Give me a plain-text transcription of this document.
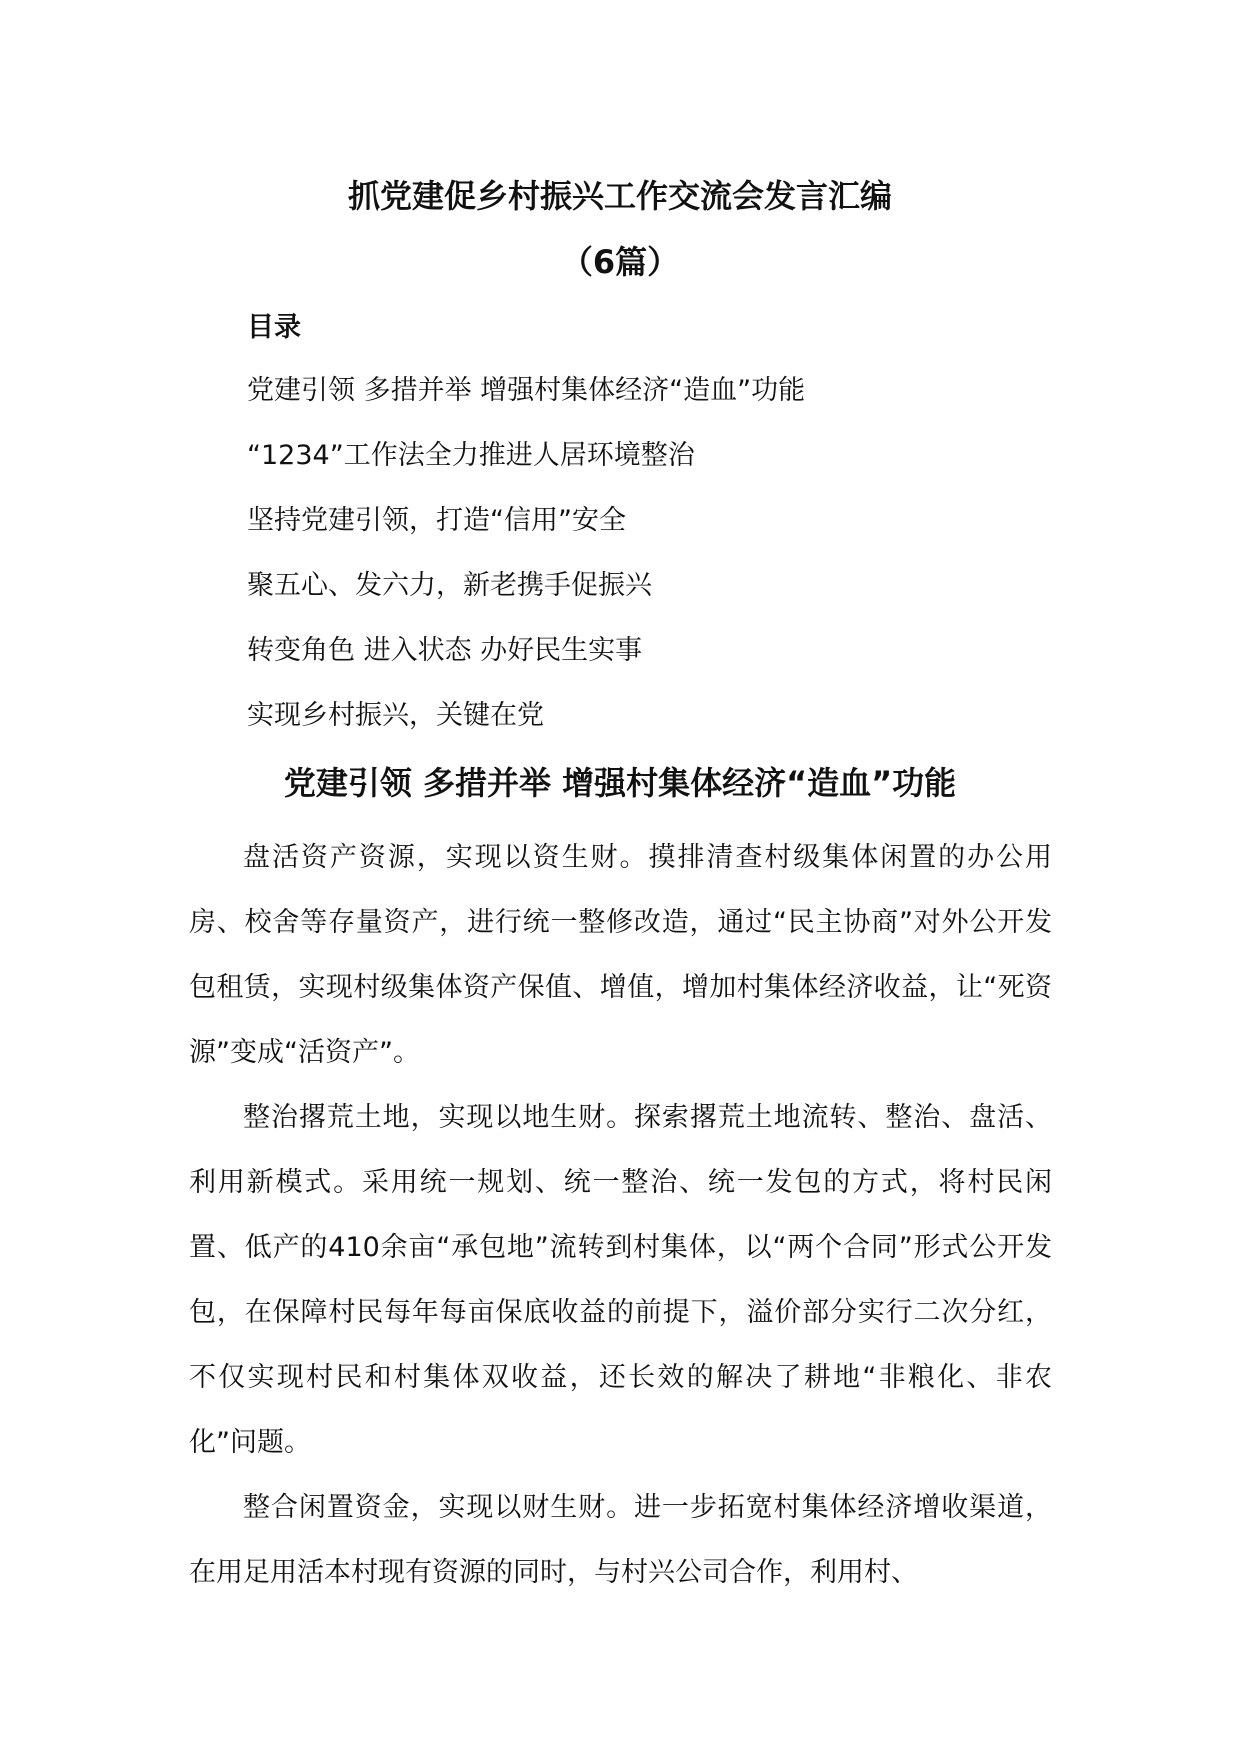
抓党建促乡村振兴工作交流会发言汇编
（6篇）
目录
党建引领 多措并举 增强村集体经济“造血”功能
“1234”工作法全力推进人居环境整治
坚持党建引领，打造“信用”安全
聚五心、发六力，新老携手促振兴
转变角色 进入状态 办好民生实事
实现乡村振兴，关键在党
党建引领 多措并举 增强村集体经济“造血”功能

盘活资产资源，实现以资生财。摸排清查村级集体闲置的办公用房、校舍等存量资产，进行统一整修改造，通过“民主协商”对外公开发包租赁，实现村级集体资产保值、增值，增加村集体经济收益，让“死资源”变成“活资产”。

整治撂荒土地，实现以地生财。探索撂荒土地流转、整治、盘活、利用新模式。采用统一规划、统一整治、统一发包的方式，将村民闲置、低产的410余亩“承包地”流转到村集体，以“两个合同”形式公开发包，在保障村民每年每亩保底收益的前提下，溢价部分实行二次分红，不仅实现村民和村集体双收益，还长效的解决了耕地“非粮化、非农化”问题。

整合闲置资金，实现以财生财。进一步拓宽村集体经济增收渠道，在用足用活本村现有资源的同时，与村兴公司合作，利用村、
